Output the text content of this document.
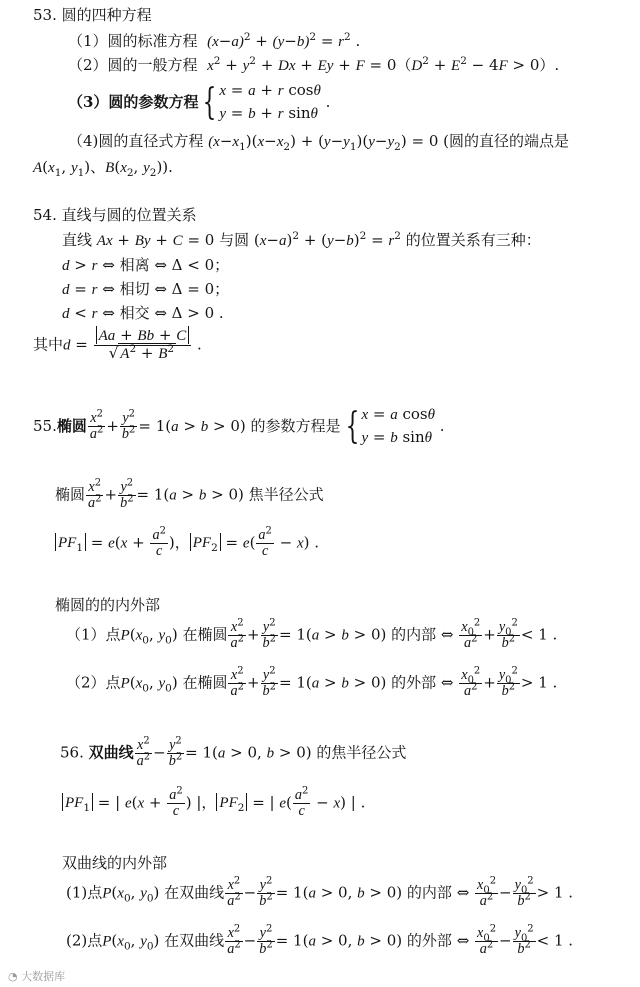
53. 圆的四种方程
（1）圆的标准方程 $(x-a)^2 + (y-b)^2 = r^2$ .
（2）圆的一般方程 $x^2 + y^2 + Dx + Ey + F = 0(D^2 + E^2 - 4F > 0)$.
（3）圆的参数方程 { x = a + r cosθ
y = b + r sinθ .
（4)圆的直径式方程 $(x-x_1)(x-x_2) + (y-y_1)(y-y_2) = 0$ (圆的直径的端点是
$A(x_1$, $y_1$)、$B(x_2$, $y_2$)).
54. 直线与圆的位置关系
直线 Ax + By + C = 0 与圆 $(x-a)^2 + (y-b)^2 = r^2$ 的位置关系有三种：
d > r ⇔ 相离 ⇔ Δ < 0；
d = r ⇔ 相切 ⇔ Δ = 0；
d < r ⇔ 相交 ⇔ Δ > 0 .
其中$d = \frac{Aa + Bb + C}{√ A^2 + B^2}$ .
55.椭圆 $\frac{x^2}{a^2} + \frac{y^2}{b^2} = 1(a > b > 0)$ 的参数方程是 { x = a cosθ
y = b sinθ .
椭圆 $\frac{x^2}{a^2} + \frac{y^2}{b^2} = 1(a > b > 0)$ 焦半径公式
$PF_1 = e(x + \frac{a^2}{c}$ )， $PF_2 = e( \frac{a^2}{c} - x)$ .
椭圆的的内外部
（1）点$P(x_0$, $y_0$) 在椭圆 $\frac{x^2}{a^2} + \frac{y^2}{b^2} = 1(a > b > 0)$ 的内部 ⇔ $\frac{x_0^2}{a^2} + \frac{y_0^2}{b^2} < 1$ .
（2）点$P(x_0$, $y_0$) 在椭圆 $\frac{x^2}{a^2} + \frac{y^2}{b^2} = 1(a > b > 0)$ 的外部 ⇔ $\frac{x_0^2}{a^2} + \frac{y_0^2}{b^2} > 1$ .
56. 双曲线 $\frac{x^2}{a^2} - \frac{y^2}{b^2} = 1(a > 0$, b > 0) 的焦半径公式
$PF_1$ = | $e(x + \frac{a^2}{c}$ ) |， $PF_2$ = | $e( \frac{a^2}{c} - x)$ | .
双曲线的内外部
(1)点$P(x_0$, $y_0$) 在双曲线 $\frac{x^2}{a^2} - \frac{y^2}{b^2} = 1(a > 0$, b > 0) 的内部 ⇔ $\frac{x_0^2}{a^2} - \frac{y_0^2}{b^2} > 1$ .
(2)点$P(x_0$, $y_0$) 在双曲线 $\frac{x^2}{a^2} - \frac{y^2}{b^2} = 1(a > 0$, b > 0) 的外部 ⇔ $\frac{x_0^2}{a^2} - \frac{y_0^2}{b^2} < 1$ .
◔ 大数据库
